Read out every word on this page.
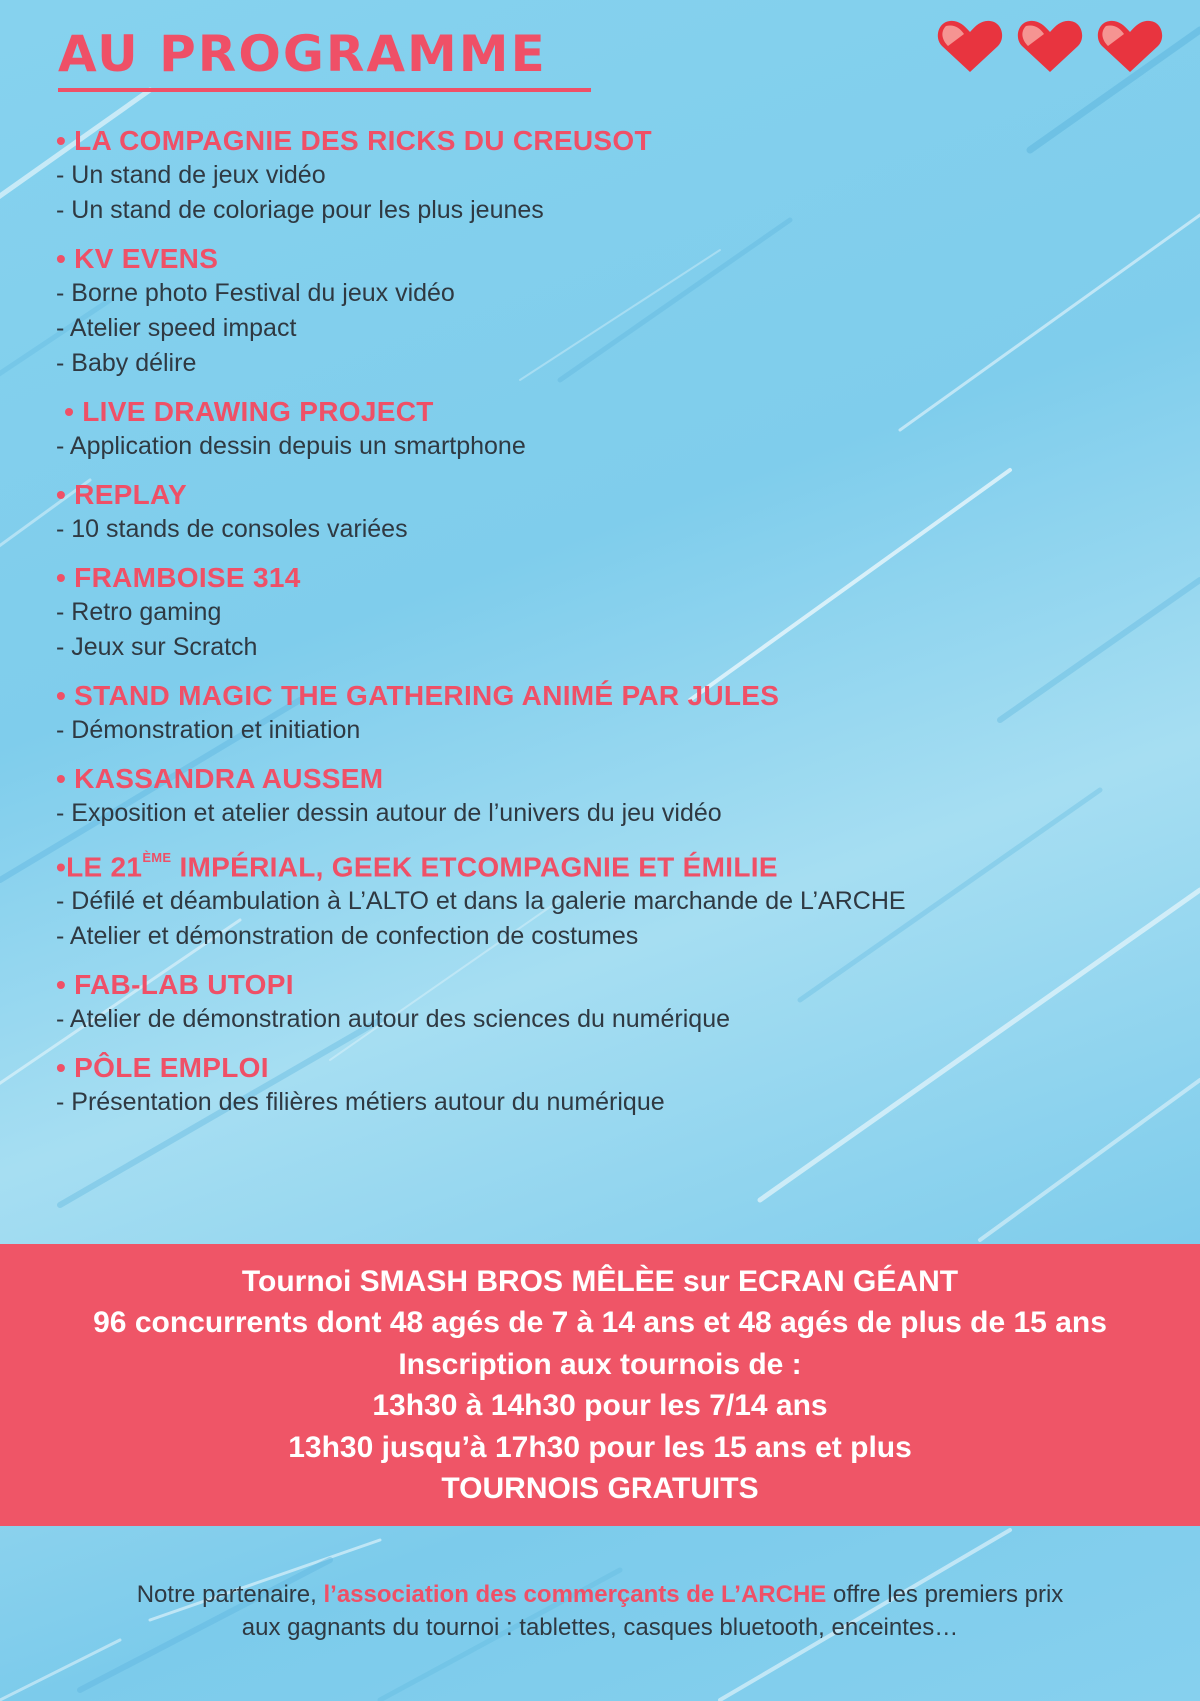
AU PROGRAMME
• LA COMPAGNIE DES RICKS DU CREUSOT
- Un stand de jeux vidéo
- Un stand de coloriage pour les plus jeunes
• KV EVENS
- Borne photo Festival du jeux vidéo
- Atelier speed impact
- Baby délire
• LIVE DRAWING PROJECT
- Application dessin depuis un smartphone
• REPLAY
- 10 stands de consoles variées
• FRAMBOISE 314
- Retro gaming
- Jeux sur Scratch
• STAND MAGIC THE GATHERING ANIMÉ PAR JULES
- Démonstration et initiation
• KASSANDRA AUSSEM
- Exposition et atelier dessin autour de l’univers du jeu vidéo
•LE 21ÈME IMPÉRIAL, GEEK ETCOMPAGNIE ET ÉMILIE
- Défilé et déambulation à L’ALTO et dans la galerie marchande de L’ARCHE
- Atelier et démonstration de confection de costumes
• FAB-LAB UTOPI
- Atelier de démonstration autour des sciences du numérique
• PÔLE EMPLOI
- Présentation des filières métiers autour du numérique

Tournoi SMASH BROS MÊLÈE sur ECRAN GÉANT

96 concurrents dont 48 agés de 7 à 14 ans et 48 agés de plus de 15 ans

Inscription aux tournois de :

13h30 à 14h30 pour les 7/14 ans

13h30 jusqu’à 17h30 pour les 15 ans et plus

TOURNOIS GRATUITS

Notre partenaire, l’association des commerçants de L’ARCHE offre les premiers prix
aux gagnants du tournoi : tablettes, casques bluetooth, enceintes…
